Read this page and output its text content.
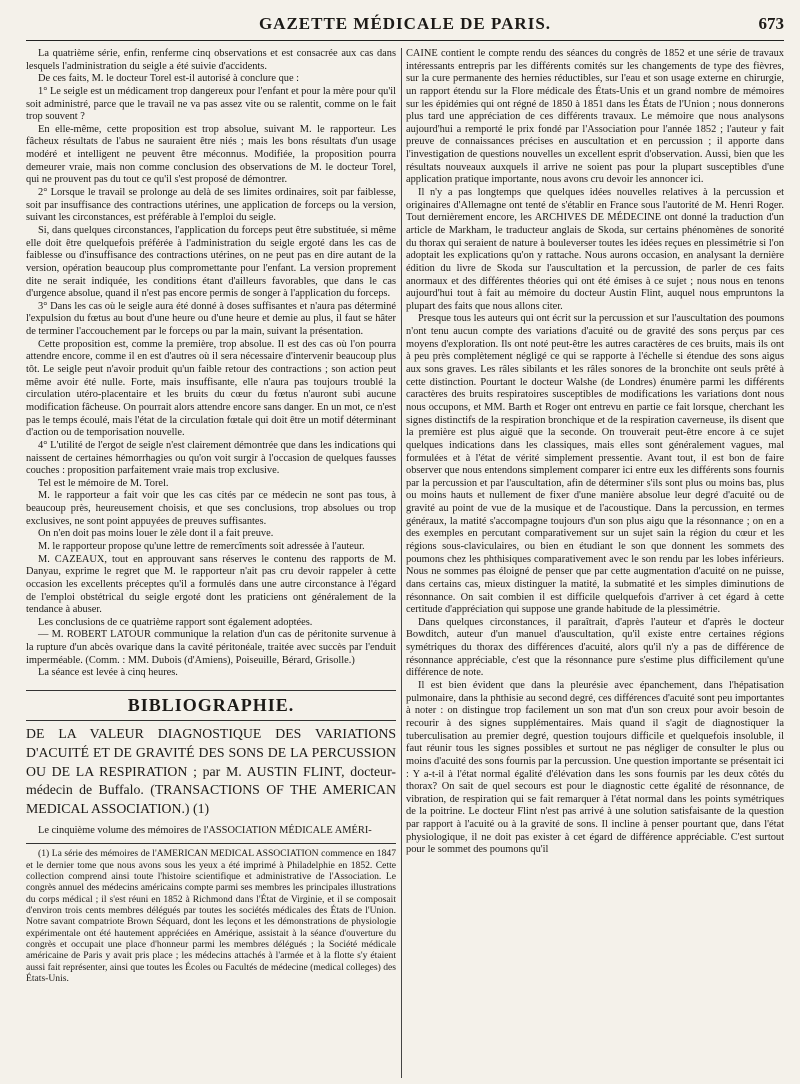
GAZETTE MÉDICALE DE PARIS.	673

La quatrième série, enfin, renferme cinq observations et est consacrée aux cas dans lesquels l'administration du seigle a été suivie d'accidents.

De ces faits, M. le docteur Torel est-il autorisé à conclure que :

1° Le seigle est un médicament trop dangereux pour l'enfant et pour la mère pour qu'il soit administré, parce que le travail ne va pas assez vite ou se ralentit, comme on le fait trop souvent ?

En elle-même, cette proposition est trop absolue, suivant M. le rapporteur. Les fâcheux résultats de l'abus ne sauraient être niés ; mais les bons résultats d'un usage modéré et intelligent ne peuvent être méconnus. Modifiée, la proposition pourra demeurer vraie, mais non comme conclusion des observations de M. le docteur Torel, qui ne prouvent pas du tout ce qu'il s'est proposé de démontrer.

2° Lorsque le travail se prolonge au delà de ses limites ordinaires, soit par faiblesse, soit par insuffisance des contractions utérines, une application de forceps ou la version, suivant les circonstances, est préférable à l'emploi du seigle.

Si, dans quelques circonstances, l'application du forceps peut être substituée, si même elle doit être quelquefois préférée à l'administration du seigle ergoté dans les cas de faiblesse ou d'insuffisance des contractions utérines, on ne peut pas en dire autant de la version, opération beaucoup plus compromettante pour l'enfant. La version proprement dite ne serait indiquée, les conditions étant d'ailleurs favorables, que dans le cas d'urgence absolue, quand il n'est pas encore permis de songer à l'application du forceps.

3° Dans les cas où le seigle aura été donné à doses suffisantes et n'aura pas déterminé l'expulsion du fœtus au bout d'une heure ou d'une heure et demie au plus, il faut se hâter de terminer l'accouchement par le forceps ou par la main, suivant la présentation.

Cette proposition est, comme la première, trop absolue. Il est des cas où l'on pourra attendre encore, comme il en est d'autres où il sera nécessaire d'intervenir beaucoup plus tôt. Le seigle peut n'avoir produit qu'un faible retour des contractions ; son action peut même avoir été nulle. Forte, mais insuffisante, elle n'aura pas toujours troublé la circulation utéro-placentaire et les bruits du cœur du fœtus n'auront subi aucune modification fâcheuse. On pourrait alors attendre encore sans danger. En un mot, ce n'est pas le temps écoulé, mais l'état de la circulation fœtale qui doit être un motif déterminant d'action ou de temporisation nouvelle.

4° L'utilité de l'ergot de seigle n'est clairement démontrée que dans les indications qui naissent de certaines hémorrhagies ou qu'on voit surgir à l'occasion de quelques fausses couches : proposition parfaitement vraie mais trop exclusive.

Tel est le mémoire de M. Torel.

M. le rapporteur a fait voir que les cas cités par ce médecin ne sont pas tous, à beaucoup près, heureusement choisis, et que ses conclusions, trop absolues ou trop exclusives, ne sont point appuyées de preuves suffisantes.

On n'en doit pas moins louer le zèle dont il a fait preuve.

M. le rapporteur propose qu'une lettre de remercîments soit adressée à l'auteur.

M. CAZEAUX, tout en approuvant sans réserves le contenu des rapports de M. Danyau, exprime le regret que M. le rapporteur n'ait pas cru devoir rappeler à cette occasion les excellents préceptes qu'il a formulés dans une autre circonstance à l'égard de l'emploi obstétrical du seigle ergoté dont les praticiens ont généralement de la tendance à abuser.

Les conclusions de ce quatrième rapport sont également adoptées.

— M. ROBERT LATOUR communique la relation d'un cas de péritonite survenue à la rupture d'un abcès ovarique dans la cavité péritonéale, traitée avec succès par l'enduit imperméable. (Comm. : MM. Dubois (d'Amiens), Poiseuille, Bérard, Grisolle.)

La séance est levée à cinq heures.

BIBLIOGRAPHIE.
DE LA VALEUR DIAGNOSTIQUE DES VARIATIONS D'ACUITÉ ET DE GRAVITÉ DES SONS DE LA PERCUSSION OU DE LA RESPIRATION ; par M. AUSTIN FLINT, docteur-médecin de Buffalo. (TRANSACTIONS OF THE AMERICAN MEDICAL ASSOCIATION.) (1)

Le cinquième volume des mémoires de l'ASSOCIATION MÉDICALE AMÉRI-

(1) La série des mémoires de l'AMERICAN MEDICAL ASSOCIATION commence en 1847 et le dernier tome que nous avons sous les yeux a été imprimé à Philadelphie en 1852. Cette collection comprend ainsi toute l'histoire scientifique et administrative de l'Association. Le congrès annuel des médecins américains compte parmi ses membres les principales illustrations du corps médical ; il s'est réuni en 1852 à Richmond dans l'État de Virginie, et il se composait d'environ trois cents membres délégués par toutes les sociétés médicales des États de l'Union. Notre savant compatriote Brown Séquard, dont les leçons et les démonstrations de physiologie expérimentale ont été hautement appréciées en Amérique, assistait à la séance d'ouverture du congrès et occupait une place d'honneur parmi les membres délégués ; la Société médicale américaine de Paris y avait pris place ; les médecins attachés à l'armée et à la flotte s'y étaient aussi fait représenter, ainsi que toutes les Écoles ou Facultés de médecine (medical colleges) des États-Unis.

CAINE contient le compte rendu des séances du congrès de 1852 et une série de travaux intéressants entrepris par les différents comités sur les changements de type des fièvres, sur la cure permanente des hernies réductibles, sur l'eau et son usage externe en chirurgie, un rapport étendu sur la Flore médicale des États-Unis et un grand nombre de mémoires sur les épidémies qui ont régné de 1850 à 1851 dans les États de l'Union ; nous donnerons plus tard une appréciation de ces différents travaux. Le mémoire que nous analysons aujourd'hui a remporté le prix fondé par l'Association pour l'année 1852 ; l'auteur y fait preuve de connaissances précises en auscultation et en percussion ; il apporte dans l'investigation de questions nouvelles un excellent esprit d'observation. Aussi, bien que les résultats nouveaux auxquels il arrive ne soient pas pour la plupart susceptibles d'une application pratique importante, nous avons cru devoir les annoncer ici.

Il n'y a pas longtemps que quelques idées nouvelles relatives à la percussion et originaires d'Allemagne ont tenté de s'établir en France sous l'autorité de M. Henri Roger. Tout dernièrement encore, les ARCHIVES DE MÉDECINE ont donné la traduction d'un article de Markham, le traducteur anglais de Skoda, sur certains phénomènes de sonorité du thorax qui seraient de nature à bouleverser toutes les idées reçues en plessimétrie si l'on adoptait les explications qu'on y rattache. Nous aurons occasion, en analysant la dernière édition du livre de Skoda sur l'auscultation et la percussion, de parler de ces faits anormaux et des différentes théories qui ont été émises à ce sujet ; nous nous en tenons aujourd'hui tout à fait au mémoire du docteur Austin Flint, auquel nous empruntons la plupart des faits que nous allons citer.

Presque tous les auteurs qui ont écrit sur la percussion et sur l'auscultation des poumons n'ont tenu aucun compte des variations d'acuité ou de gravité des sons perçus par ces moyens d'exploration. Ils ont noté peut-être les autres caractères de ces bruits, mais ils ont à peu près complètement négligé ce qui se rapporte à l'échelle si étendue des sons aigus aux sons graves. Les râles sibilants et les râles sonores de la bronchite ont seuls prêté à cette distinction. Pourtant le docteur Walshe (de Londres) énumère parmi les différents caractères des bruits respiratoires susceptibles de modifications les variations dont nous nous occupons, et MM. Barth et Roger ont entrevu en partie ce fait lorsque, cherchant les signes distinctifs de la respiration bronchique et de la respiration caverneuse, ils disent que la première est plus aiguë que la seconde. On trouverait peut-être encore à ce sujet quelques indications dans les classiques, mais elles sont généralement vagues, mal formulées et à l'état de vérité simplement pressentie. Avant tout, il est bon de faire observer que nous entendons simplement comparer ici entre eux les différents sons fournis par la percussion et par l'auscultation, afin de déterminer s'ils sont plus ou moins bas, plus ou moins hauts et nullement de fixer d'une manière absolue leur degré d'acuité ou de gravité au point de vue de la musique et de l'acoustique. Dans la percussion, en termes généraux, la matité s'accompagne toujours d'un son plus aigu que la résonnance ; on en a des exemples en percutant comparativement sur un sujet sain la région du cœur et les régions sous-claviculaires, ou bien en étudiant le son que donnent les sommets des poumons chez les phthisiques comparativement avec le son rendu par les lobes inférieurs. Nous ne sommes pas éloigné de penser que par cette augmentation d'acuité on ne puisse, dans certains cas, mieux distinguer la matité, la submatité et les simples diminutions de résonnance. On sait combien il est difficile quelquefois d'arriver à cet égard à cette certitude d'appréciation qui suppose une grande habitude de la plessimétrie.

Dans quelques circonstances, il paraîtrait, d'après l'auteur et d'après le docteur Bowditch, auteur d'un manuel d'auscultation, qu'il existe entre certaines régions symétriques du thorax des différences d'acuité, alors qu'il n'y a pas de différence de résonnance appréciable, c'est que la résonnance pure s'estime plus difficilement qu'une différence de note.

Il est bien évident que dans la pleurésie avec épanchement, dans l'hépatisation pulmonaire, dans la phthisie au second degré, ces différences d'acuité sont peu importantes à noter : on distingue trop facilement un son mat d'un son creux pour avoir besoin de recourir à des signes supplémentaires. Mais quand il s'agit de diagnostiquer la tuberculisation au premier degré, question toujours difficile et quelquefois insoluble, il faut réunir tous les signes possibles et surtout ne pas négliger de consulter le plus ou moins d'acuité des sons fournis par la percussion. Une question importante se présentait ici : Y a-t-il à l'état normal égalité d'élévation dans les sons fournis par les deux côtés du thorax? On sait de quel secours est pour le diagnostic cette égalité de résonnance, de vibration, de respiration qui se fait remarquer à l'état normal dans les points symétriques de la poitrine. Le docteur Flint n'est pas arrivé à une solution satisfaisante de la question par rapport à l'acuité ou à la gravité de sons. Il incline à penser pourtant que, dans l'état physiologique, il ne doit pas exister à cet égard de différence appréciable. C'est surtout pour le sommet des poumons qu'il
